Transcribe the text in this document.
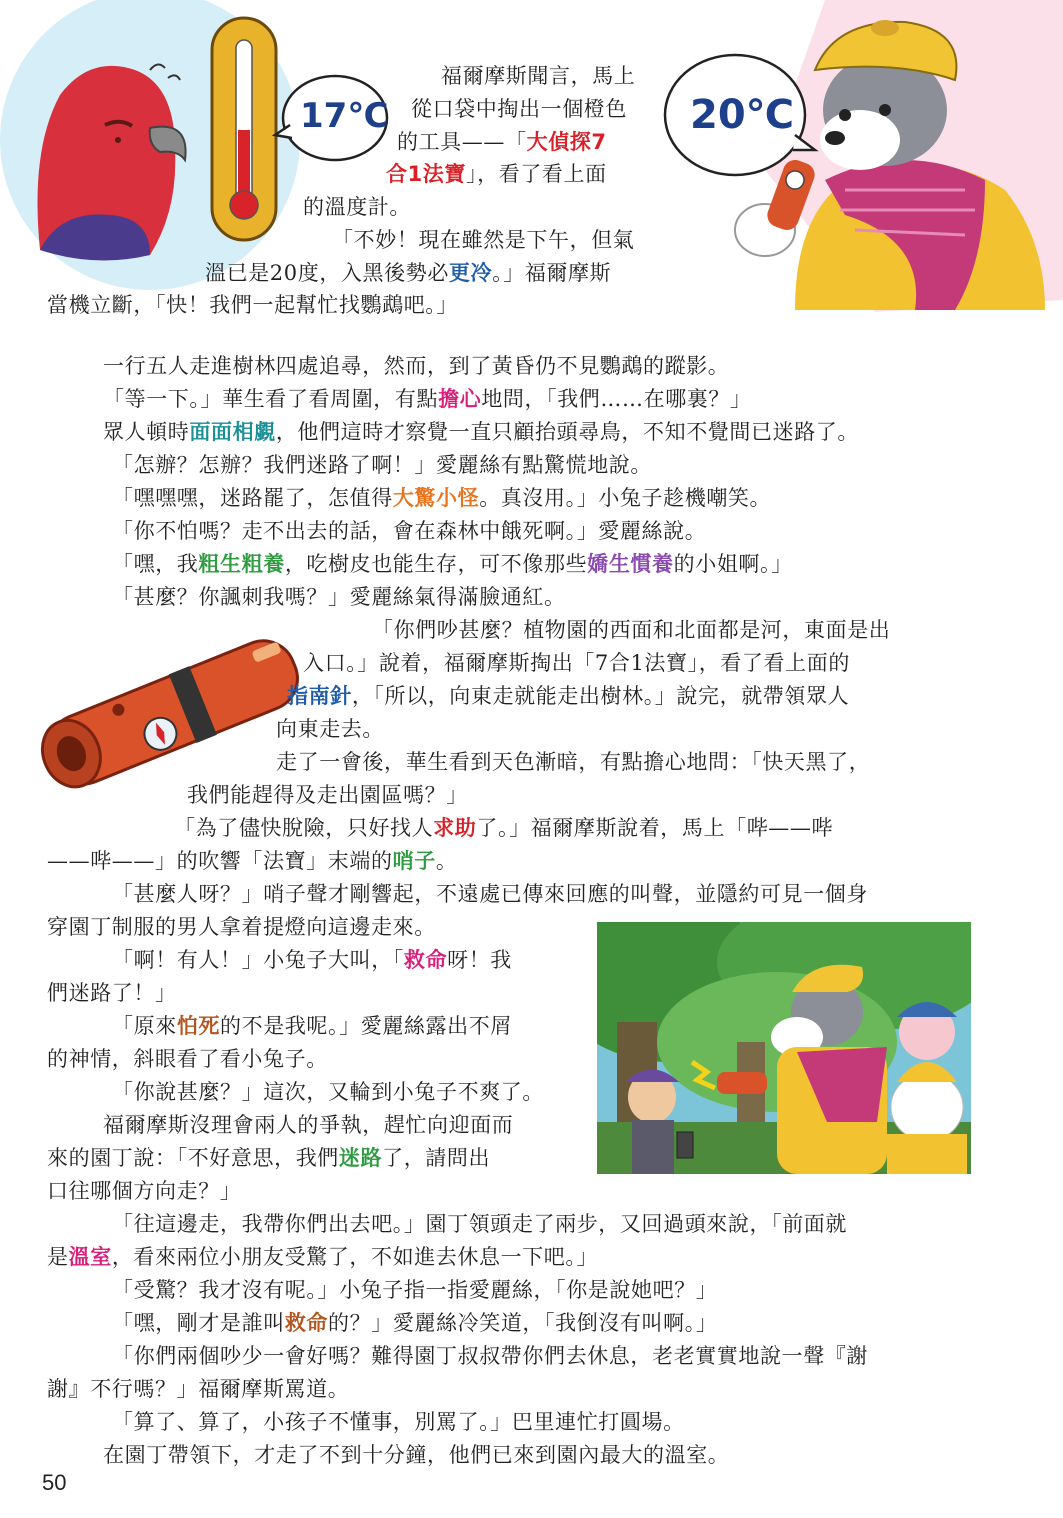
17℃	20℃
福爾摩斯聞言，馬上
從口袋中掏出一個橙色
的工具——「大偵探7
合1法寶」，看了看上面
的溫度計。
「不妙！現在雖然是下午，但氣
溫已是20度，入黑後勢必更冷。」福爾摩斯
當機立斷，「快！我們一起幫忙找鸚鵡吧。」
一行五人走進樹林四處追尋，然而，到了黃昏仍不見鸚鵡的蹤影。
「等一下。」華生看了看周圍，有點擔心地問，「我們……在哪裏？」
眾人頓時面面相覷，他們這時才察覺一直只顧抬頭尋鳥，不知不覺間已迷路了。
「怎辦？怎辦？我們迷路了啊！」愛麗絲有點驚慌地說。
「嘿嘿嘿，迷路罷了，怎值得大驚小怪。真沒用。」小兔子趁機嘲笑。
「你不怕嗎？走不出去的話，會在森林中餓死啊。」愛麗絲說。
「嘿，我粗生粗養，吃樹皮也能生存，可不像那些嬌生慣養的小姐啊。」
「甚麼？你諷刺我嗎？」愛麗絲氣得滿臉通紅。
「你們吵甚麼？植物園的西面和北面都是河，東面是出
入口。」說着，福爾摩斯掏出「7合1法寶」，看了看上面的
指南針，「所以，向東走就能走出樹林。」說完，就帶領眾人
向東走去。
走了一會後，華生看到天色漸暗，有點擔心地問：「快天黑了，
我們能趕得及走出園區嗎？」
「為了儘快脫險，只好找人求助了。」福爾摩斯說着，馬上「哔——哔
——哔——」的吹響「法寶」末端的哨子。
「甚麼人呀？」哨子聲才剛響起，不遠處已傳來回應的叫聲，並隱約可見一個身
穿園丁制服的男人拿着提燈向這邊走來。
「啊！有人！」小兔子大叫，「救命呀！我
們迷路了！」
「原來怕死的不是我呢。」愛麗絲露出不屑
的神情，斜眼看了看小兔子。
「你說甚麼？」這次，又輪到小兔子不爽了。
福爾摩斯沒理會兩人的爭執，趕忙向迎面而
來的園丁說：「不好意思，我們迷路了，請問出
口往哪個方向走？」
「往這邊走，我帶你們出去吧。」園丁領頭走了兩步，又回過頭來說，「前面就
是溫室，看來兩位小朋友受驚了，不如進去休息一下吧。」
「受驚？我才沒有呢。」小兔子指一指愛麗絲，「你是說她吧？」
「嘿，剛才是誰叫救命的？」愛麗絲冷笑道，「我倒沒有叫啊。」
「你們兩個吵少一會好嗎？難得園丁叔叔帶你們去休息，老老實實地說一聲『謝
謝』不行嗎？」福爾摩斯罵道。
「算了、算了，小孩子不懂事，別罵了。」巴里連忙打圓場。
在園丁帶領下，才走了不到十分鐘，他們已來到園內最大的溫室。
50
